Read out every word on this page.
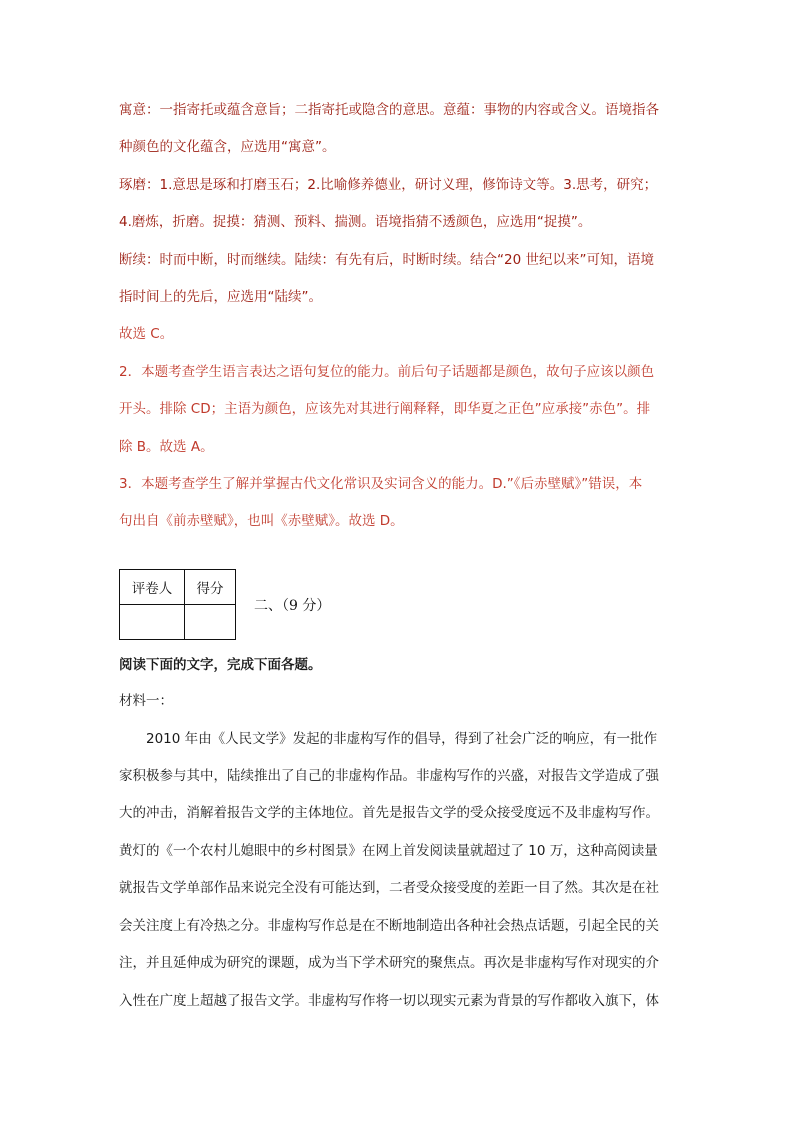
寓意：一指寄托或蕴含意旨；二指寄托或隐含的意思。意蕴：事物的内容或含义。语境指各
种颜色的文化蕴含，应选用“寓意”。
琢磨：1.意思是琢和打磨玉石；2.比喻修养德业，研讨义理，修饰诗文等。3.思考，研究；
4.磨炼，折磨。捉摸：猜测、预料、揣测。语境指猜不透颜色，应选用“捉摸”。
断续：时而中断，时而继续。陆续：有先有后，时断时续。结合“20 世纪以来”可知，语境
指时间上的先后，应选用“陆续”。
故选 C。
2．本题考查学生语言表达之语句复位的能力。前后句子话题都是颜色，故句子应该以颜色
开头。排除 CD；主语为颜色，应该先对其进行阐释释，即华夏之正色”应承接”赤色”。排
除 B。故选 A。
3．本题考查学生了解并掌握古代文化常识及实词含义的能力。D.”《后赤壁赋》”错误，本
句出自《前赤壁赋》，也叫《赤壁赋》。故选 D。
评卷人	得分

二、（9 分）
阅读下面的文字，完成下面各题。
材料一：
2010 年由《人民文学》发起的非虚构写作的倡导，得到了社会广泛的响应，有一批作
家积极参与其中，陆续推出了自己的非虚构作品。非虚构写作的兴盛，对报告文学造成了强
大的冲击，消解着报告文学的主体地位。首先是报告文学的受众接受度远不及非虚构写作。
黄灯的《一个农村儿媳眼中的乡村图景》在网上首发阅读量就超过了 10 万，这种高阅读量
就报告文学单部作品来说完全没有可能达到，二者受众接受度的差距一目了然。其次是在社
会关注度上有冷热之分。非虚构写作总是在不断地制造出各种社会热点话题，引起全民的关
注，并且延伸成为研究的课题，成为当下学术研究的聚焦点。再次是非虚构写作对现实的介
入性在广度上超越了报告文学。非虚构写作将一切以现实元素为背景的写作都收入旗下，体
